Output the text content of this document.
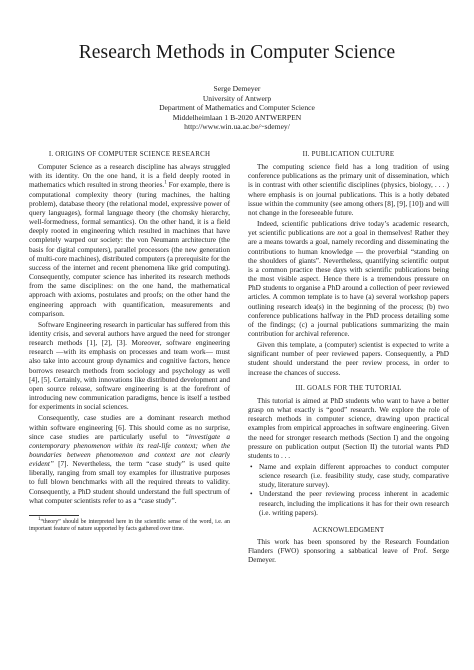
Research Methods in Computer Science
Serge Demeyer
University of Antwerp
Department of Mathematics and Computer Science
Middelheimlaan 1 B-2020 ANTWERPEN
http://www.win.ua.ac.be/~sdemey/
I. ORIGINS OF COMPUTER SCIENCE RESEARCH

Computer Science as a research discipline has always struggled with its identity. On the one hand, it is a field deeply rooted in mathematics which resulted in strong theories.$^1$ For example, there is computational complexity theory (turing machines, the halting problem), database theory (the relational model, expressive power of query languages), formal language theory (the chomsky hierarchy, well-formedness, formal semantics). On the other hand, it is a field deeply rooted in engineering which resulted in machines that have completely warped our society: the von Neumann architecture (the basis for digital computers), parallel processors (the new generation of multi-core machines), distributed computers (a prerequisite for the success of the internet and recent phenomena like grid computing). Consequently, computer science has inherited its research methods from the same disciplines: on the one hand, the mathematical approach with axioms, postulates and proofs; on the other hand the engineering approach with quantification, measurements and comparison.

Software Engineering research in particular has suffered from this identity crisis, and several authors have argued the need for stronger research methods [1], [2], [3]. Moreover, software engineering research —with its emphasis on processes and team work— must also take into account group dynamics and cognitive factors, hence borrows research methods from sociology and psychology as well [4], [5]. Certainly, with innovations like distributed development and open source release, software engineering is at the forefront of introducing new communication paradigms, hence is itself a testbed for experiments in social sciences.

Consequently, case studies are a dominant research method within software engineering [6]. This should come as no surprise, since case studies are particularly useful to “investigate a contemporary phenomenon within its real-life context; when the boundaries between phenomenon and context are not clearly evident” [7]. Nevertheless, the term “case study” is used quite liberally, ranging from small toy examples for illustrative purposes to full blown benchmarks with all the required threats to validity. Consequently, a PhD student should understand the full spectrum of what computer scientists refer to as a “case study”.

$^1$“theory” should be interpreted here in the scientific sense of the word, i.e. an important feature of nature supported by facts gathered over time.
II. PUBLICATION CULTURE

The computing science field has a long tradition of using conference publications as the primary unit of dissemination, which is in contrast with other scientific disciplines (physics, biology, . . . ) where emphasis is on journal publications. This is a hotly debated issue within the community (see among others [8], [9], [10]) and will not change in the foreseeable future.

Indeed, scientific publications drive today’s academic research, yet scientific publications are not a goal in themselves! Rather they are a means towards a goal, namely recording and disseminating the contributions to human knowledge — the proverbial “standing on the shoulders of giants”. Nevertheless, quantifying scientific output is a common practice these days with scientific publications being the most visible aspect. Hence there is a tremendous pressure on PhD students to organise a PhD around a collection of peer reviewed articles. A common template is to have (a) several workshop papers outlining research idea(s) in the beginning of the process; (b) two conference publications halfway in the PhD process detailing some of the findings; (c) a journal publications summarizing the main contribution for archival reference.

Given this template, a (computer) scientist is expected to write a significant number of peer reviewed papers. Consequently, a PhD student should understand the peer review process, in order to increase the chances of success.

III. GOALS FOR THE TUTORIAL

This tutorial is aimed at PhD students who want to have a better grasp on what exactly is “good” research. We explore the role of research methods in computer science, drawing upon practical examples from empirical approaches in software engineering. Given the need for stronger research methods (Section I) and the ongoing pressure on publication output (Section II) the tutorial wants PhD students to . . .

• Name and explain different approaches to conduct computer science research (i.e. feasibility study, case study, comparative study, literature survey).
• Understand the peer reviewing process inherent in academic research, including the implications it has for their own research (i.e. writing papers).
ACKNOWLEDGMENT

This work has been sponsored by the Research Foundation Flanders (FWO) sponsoring a sabbatical leave of Prof. Serge Demeyer.
